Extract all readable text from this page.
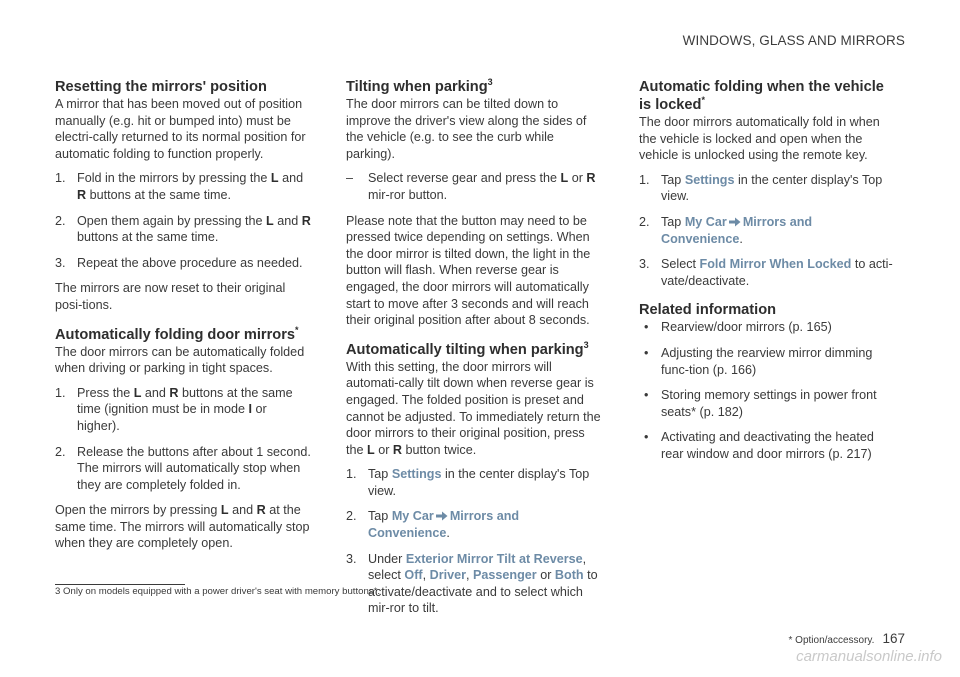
WINDOWS, GLASS AND MIRRORS
Resetting the mirrors' position

A mirror that has been moved out of position manually (e.g. hit or bumped into) must be electri-cally returned to its normal position for automatic folding to function properly.

1. Fold in the mirrors by pressing the L and R buttons at the same time.
2. Open them again by pressing the L and R buttons at the same time.
3. Repeat the above procedure as needed.

The mirrors are now reset to their original posi-tions.

Automatically folding door mirrors*

The door mirrors can be automatically folded when driving or parking in tight spaces.

1. Press the L and R buttons at the same time (ignition must be in mode I or higher).
2. Release the buttons after about 1 second. The mirrors will automatically stop when they are completely folded in.

Open the mirrors by pressing L and R at the same time. The mirrors will automatically stop when they are completely open.

Tilting when parking$^3$

The door mirrors can be tilted down to improve the driver's view along the sides of the vehicle (e.g. to see the curb while parking).

– Select reverse gear and press the L or R mir-ror button.

Please note that the button may need to be pressed twice depending on settings. When the door mirror is tilted down, the light in the button will flash. When reverse gear is engaged, the door mirrors will automatically start to move after 3 seconds and will reach their original position after about 8 seconds.

Automatically tilting when parking$^3$

With this setting, the door mirrors will automati-cally tilt down when reverse gear is engaged. The folded position is preset and cannot be adjusted. To immediately return the door mirrors to their original position, press the L or R button twice.

1. Tap Settings in the center display's Top view.
2. Tap My Car Mirrors and Convenience.
3. Under Exterior Mirror Tilt at Reverse, select Off, Driver, Passenger or Both to activate/deactivate and to select which mir-ror to tilt.
Automatic folding when the vehicle is locked*

The door mirrors automatically fold in when the vehicle is locked and open when the vehicle is unlocked using the remote key.

1. Tap Settings in the center display's Top view.
2. Tap My Car Mirrors and Convenience.
3. Select Fold Mirror When Locked to acti-vate/deactivate.
Related information
• Rearview/door mirrors (p. 165)
• Adjusting the rearview mirror dimming func-tion (p. 166)
• Storing memory settings in power front seats* (p. 182)
• Activating and deactivating the heated rear window and door mirrors (p. 217)
3 Only on models equipped with a power driver's seat with memory buttons*.
* Option/accessory. 167
carmanualsonline.info
